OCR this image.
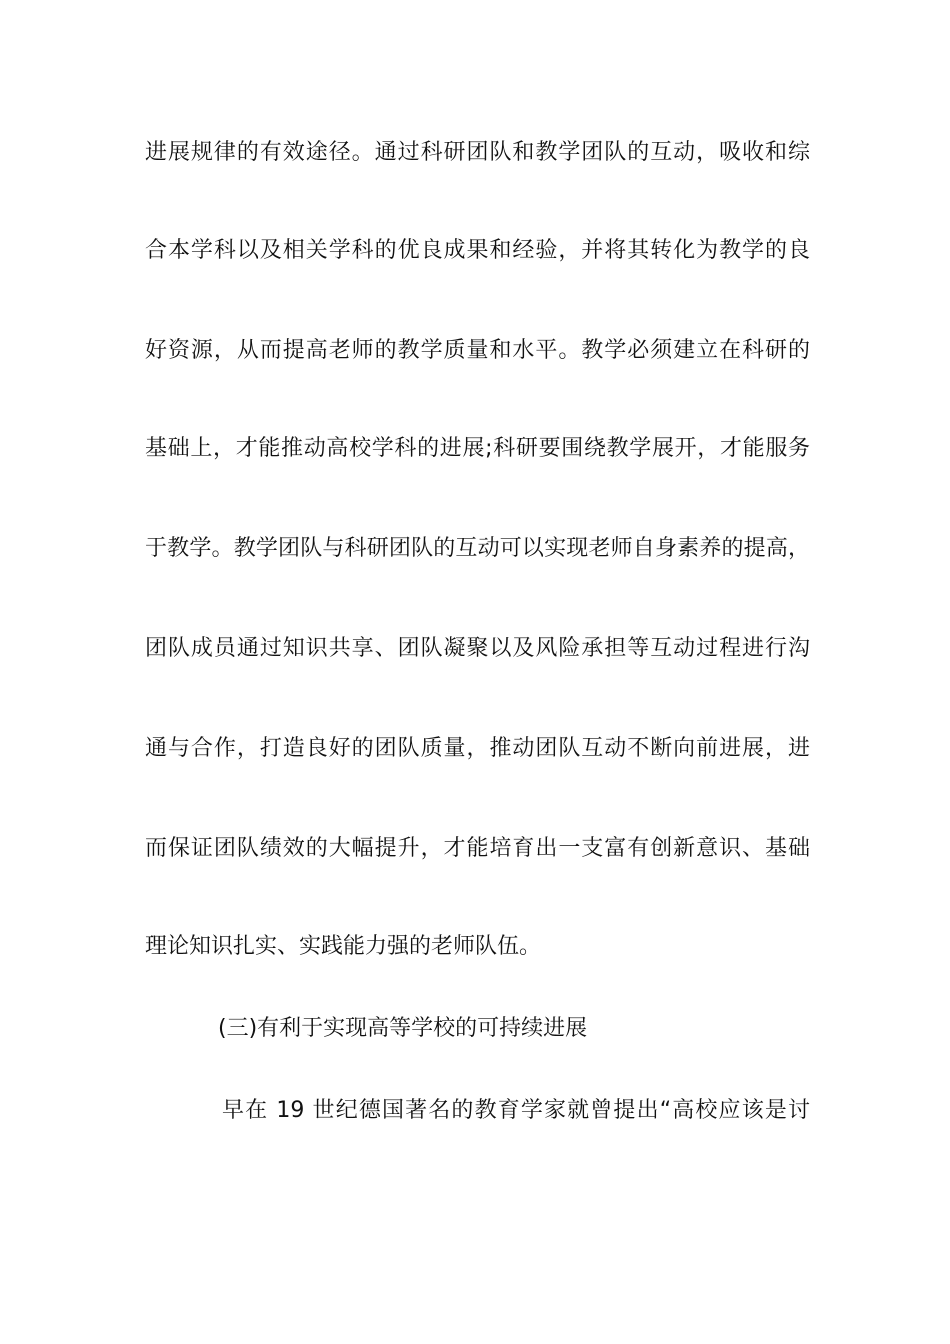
进展规律的有效途径。通过科研团队和教学团队的互动，吸收和综
合本学科以及相关学科的优良成果和经验，并将其转化为教学的良
好资源，从而提高老师的教学质量和水平。教学必须建立在科研的
基础上，才能推动高校学科的进展;科研要围绕教学展开，才能服务
于教学。教学团队与科研团队的互动可以实现老师自身素养的提高，
团队成员通过知识共享、团队凝聚以及风险承担等互动过程进行沟
通与合作，打造良好的团队质量，推动团队互动不断向前进展，进
而保证团队绩效的大幅提升，才能培育出一支富有创新意识、基础
理论知识扎实、实践能力强的老师队伍。
(三)有利于实现高等学校的可持续进展
早在 19 世纪德国著名的教育学家就曾提出“高校应该是讨
